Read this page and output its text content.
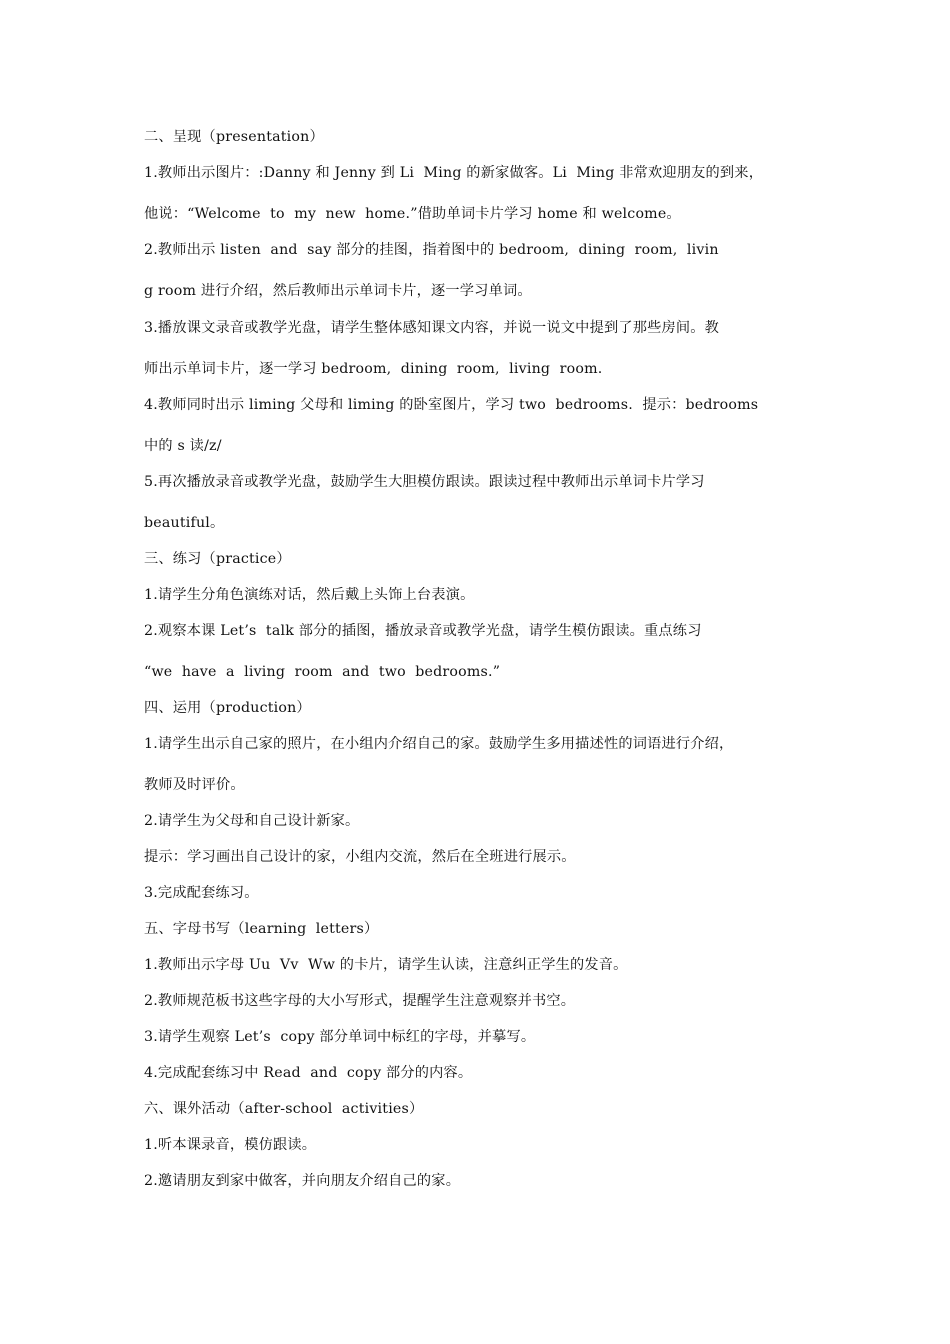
二、呈现（presentation）
1.教师出示图片：:Danny 和 Jenny 到 Li  Ming 的新家做客。Li  Ming 非常欢迎朋友的到来，
他说：“Welcome  to  my  new  home.”借助单词卡片学习 home 和 welcome。
2.教师出示 listen  and  say 部分的挂图，指着图中的 bedroom,  dining  room,  livin
g room 进行介绍，然后教师出示单词卡片，逐一学习单词。
3.播放课文录音或教学光盘，请学生整体感知课文内容，并说一说文中提到了那些房间。教
师出示单词卡片，逐一学习 bedroom,  dining  room,  living  room.
4.教师同时出示 liming 父母和 liming 的卧室图片，学习 two  bedrooms.  提示：bedrooms
中的 s 读/z/
5.再次播放录音或教学光盘，鼓励学生大胆模仿跟读。跟读过程中教师出示单词卡片学习
beautiful。
三、练习（practice）
1.请学生分角色演练对话，然后戴上头饰上台表演。
2.观察本课 Let’s  talk 部分的插图，播放录音或教学光盘，请学生模仿跟读。重点练习
“we  have  a  living  room  and  two  bedrooms.”
四、运用（production）
1.请学生出示自己家的照片，在小组内介绍自己的家。鼓励学生多用描述性的词语进行介绍，
教师及时评价。
2.请学生为父母和自己设计新家。
提示：学习画出自己设计的家，小组内交流，然后在全班进行展示。
3.完成配套练习。
五、字母书写（learning  letters）
1.教师出示字母 Uu  Vv  Ww 的卡片，请学生认读，注意纠正学生的发音。
2.教师规范板书这些字母的大小写形式，提醒学生注意观察并书空。
3.请学生观察 Let’s  copy 部分单词中标红的字母，并摹写。
4.完成配套练习中 Read  and  copy 部分的内容。
六、课外活动（after-school  activities）
1.听本课录音，模仿跟读。
2.邀请朋友到家中做客，并向朋友介绍自己的家。
